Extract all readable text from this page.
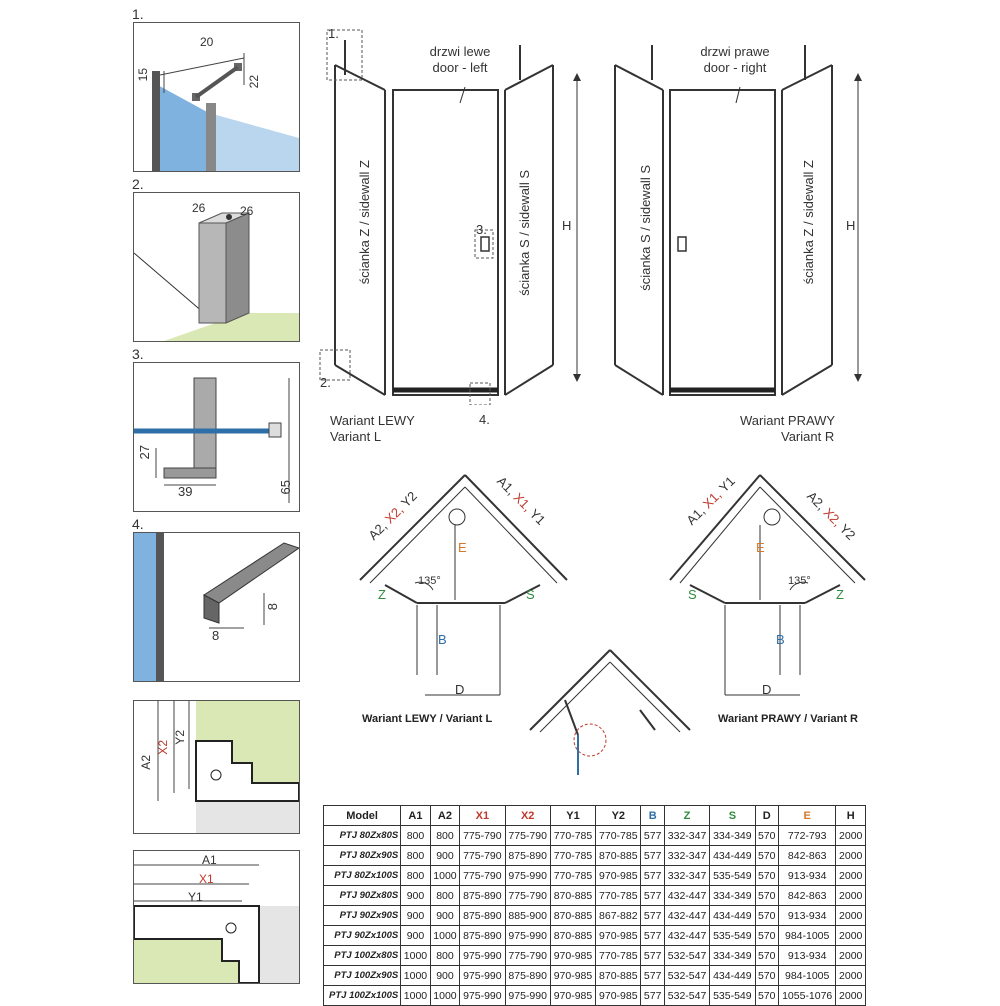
1.
20
15
22
2.
26	26
3.
27
39	65
4.
8
8
A2
X2
Y2
A1
X1
Y1
1.
2.
3.
4.
drzwi lewe
door - left
ścianka Z / sidewall Z	ścianka S / sidewall S H
Wariant LEWY
Variant L
drzwi prawe
door - right
ścianka S / sidewall S	ścianka Z / sidewall Z H
Wariant PRAWY
Variant R
A2, X2, Y2
A1, X1, Y1
E
135°
Z	S
B
D
Wariant LEWY / Variant L
A1, X1, Y1
A2, X2, Y2
E
135°
S	Z
B
D
Wariant PRAWY / Variant R
Model	A1	A2	X1	X2	Y1	Y2	B	Z	S	D	E	H
PTJ 80Zx80S	800	800	775-790	775-790	770-785	770-785	577	332-347	334-349	570	772-793	2000
PTJ 80Zx90S	800	900	775-790	875-890	770-785	870-885	577	332-347	434-449	570	842-863	2000
PTJ 80Zx100S	800	1000	775-790	975-990	770-785	970-985	577	332-347	535-549	570	913-934	2000
PTJ 90Zx80S	900	800	875-890	775-790	870-885	770-785	577	432-447	334-349	570	842-863	2000
PTJ 90Zx90S	900	900	875-890	885-900	870-885	867-882	577	432-447	434-449	570	913-934	2000
PTJ 90Zx100S	900	1000	875-890	975-990	870-885	970-985	577	432-447	535-549	570	984-1005	2000
PTJ 100Zx80S	1000	800	975-990	775-790	970-985	770-785	577	532-547	334-349	570	913-934	2000
PTJ 100Zx90S	1000	900	975-990	875-890	970-985	870-885	577	532-547	434-449	570	984-1005	2000
PTJ 100Zx100S	1000	1000	975-990	975-990	970-985	970-985	577	532-547	535-549	570	1055-1076	2000
